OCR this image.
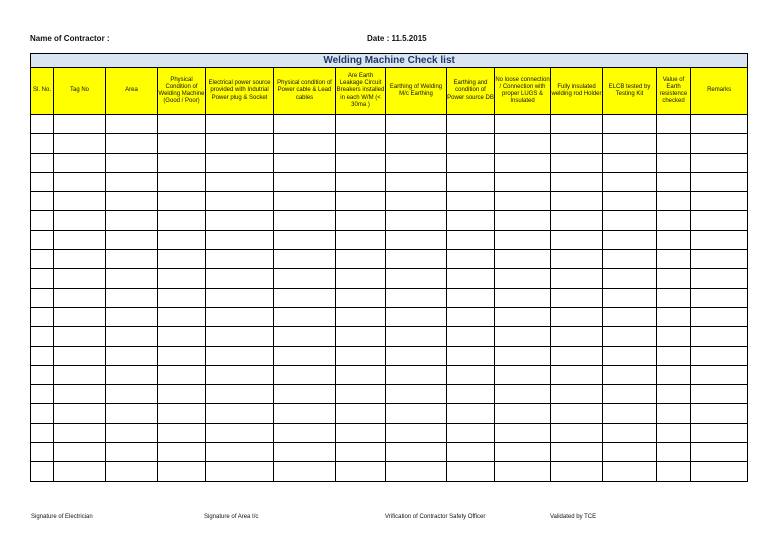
Name of Contractor :	Date : 11.5.2015
Welding Machine Check list													
Sl. No.	Tag No	Area	Physical Condition of Welding Machine (Good / Poor)	Electrical power source provided with Indutrial Power plug & Socket	Physical condition of Power cable & Lead cables	Are Earth Leakage Circuit Breakers installed in each W/M (< 30ma )	Earthing of Welding M/c Earthing	Earthing and condition of Power source DB	No loose connection / Connection with proper LUGS & Insulated	Fully insulated welding rod Holder	ELCB tested by Testing Kit	Value of Earth resistence checked	Remarks

Signature of Electrician	Signature of Area I/c	Vrification of Contractor Safety Officer	Validated by TCE
